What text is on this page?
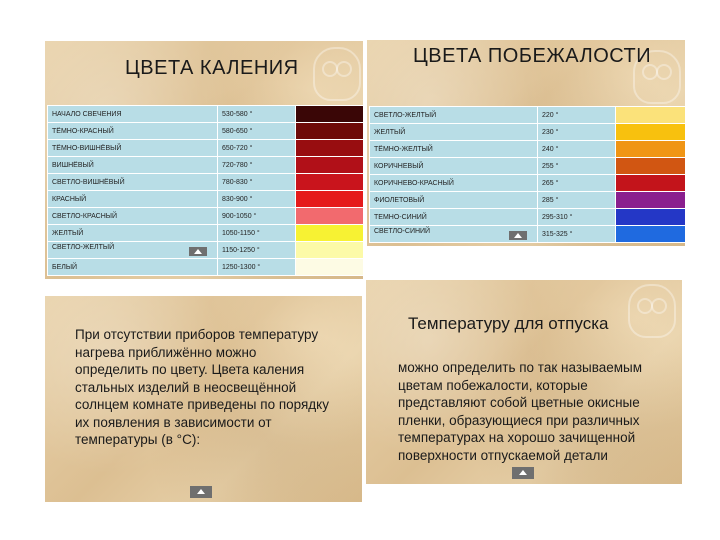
ЦВЕТА КАЛЕНИЯ
НАЧАЛО СВЕЧЕНИЯ	530-580 °	
ТЁМНО-КРАСНЫЙ	580-650 °	
ТЁМНО-ВИШНЁВЫЙ	650-720 °	
ВИШНЁВЫЙ	720-780 °	
СВЕТЛО-ВИШНЁВЫЙ	780-830 °	
КРАСНЫЙ	830-900 °	
СВЕТЛО-КРАСНЫЙ	900-1050 °	
ЖЕЛТЫЙ	1050-1150 °	
СВЕТЛО-ЖЕЛТЫЙ	1150-1250 °	
БЕЛЫЙ	1250-1300 °	
ЦВЕТА ПОБЕЖАЛОСТИ
СВЕТЛО-ЖЕЛТЫЙ	220 °	
ЖЕЛТЫЙ	230 °	
ТЁМНО-ЖЕЛТЫЙ	240 °	
КОРИЧНЕВЫЙ	255 °	
КОРИЧНЕВО-КРАСНЫЙ	265 °	
ФИОЛЕТОВЫЙ	285 °	
ТЕМНО-СИНИЙ	295-310 °	
СВЕТЛО-СИНИЙ	315-325 °	
При отсутствии приборов температуру
нагрева приближённо можно
определить по цвету. Цвета каления
стальных изделий в неосвещённой
солнцем комнате приведены по порядку
их появления в зависимости от
температуры (в °С):
Температуру для отпуска
можно определить по так называемым
цветам побежалости, которые
представляют собой цветные окисные
пленки, образующиеся при различных
температурах на хорошо зачищенной
поверхности отпускаемой детали
